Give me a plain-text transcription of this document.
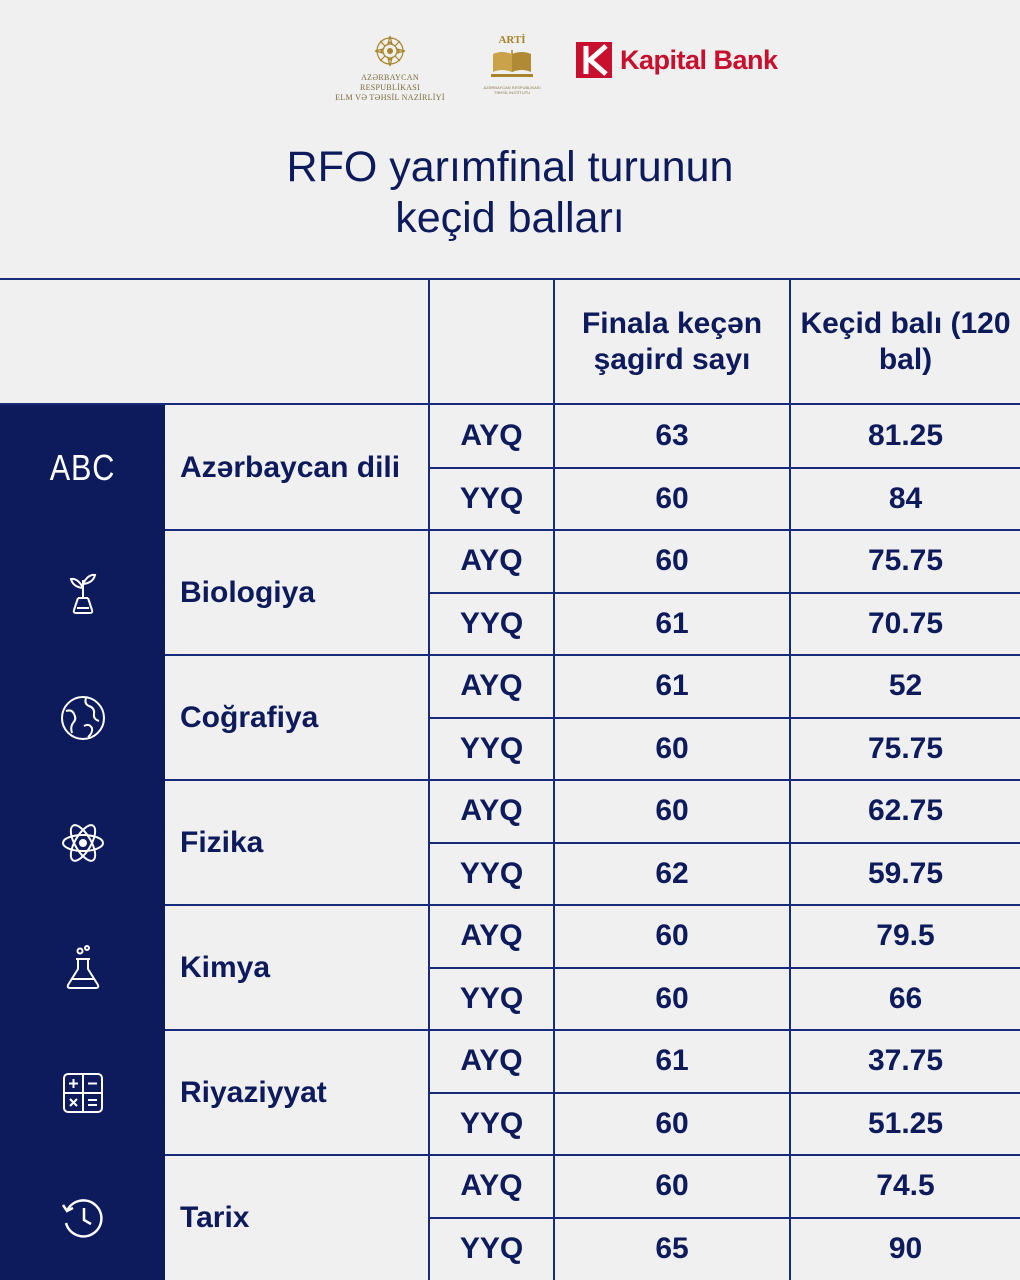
AZƏRBAYCAN RESPUBLİKASI
ELM VƏ TƏHSİL NAZİRLİYİ
ARTİ
AZƏRBAYCAN RESPUBLİKASI TƏHSİL İNSTİTUTU
Kapital Bank
RFO yarımfinal turunun
keçid balları
Finala keçən şagird sayı
Keçid balı (120 bal)
ABC Azərbaycan dili
AYQ	63	81.25
YYQ	60	84
Biologiya
AYQ	60	75.75
YYQ	61	70.75
Coğrafiya
AYQ	61	52
YYQ	60	75.75
Fizika
AYQ	60	62.75
YYQ	62	59.75
Kimya
AYQ	60	79.5
YYQ	60	66
Riyaziyyat
AYQ	61	37.75
YYQ	60	51.25
Tarix
AYQ	60	74.5
YYQ	65	90
